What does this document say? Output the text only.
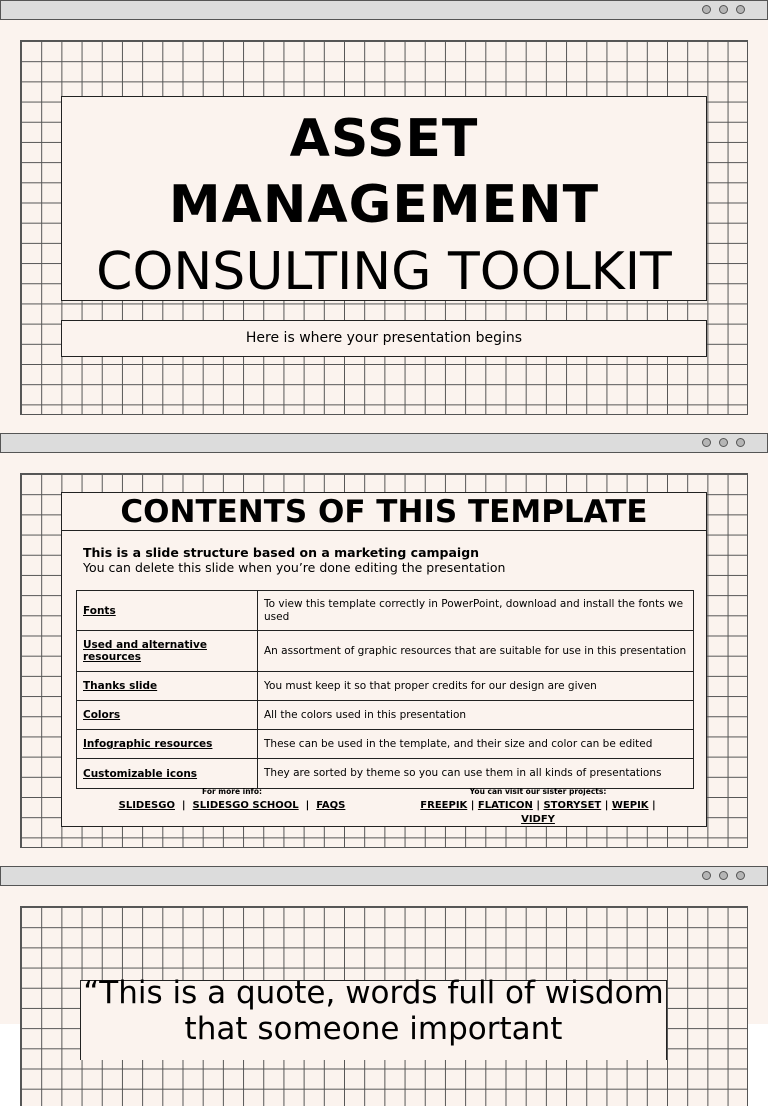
ASSET
MANAGEMENT
CONSULTING TOOLKIT
Here is where your presentation begins
CONTENTS OF THIS TEMPLATE
This is a slide structure based on a marketing campaign
You can delete this slide when you’re done editing the presentation
Fonts	To view this template correctly in PowerPoint, download and install the fonts we used
Used and alternative resources	An assortment of graphic resources that are suitable for use in this presentation
Thanks slide	You must keep it so that proper credits for our design are given
Colors	All the colors used in this presentation
Infographic resources	These can be used in the template, and their size and color can be edited
Customizable icons	They are sorted by theme so you can use them in all kinds of presentations
For more info:
SLIDESGO  |  SLIDESGO SCHOOL  |  FAQS
You can visit our sister projects:
FREEPIK | FLATICON | STORYSET | WEPIK |
VIDFY
“This is a quote, words full of wisdom that someone important
